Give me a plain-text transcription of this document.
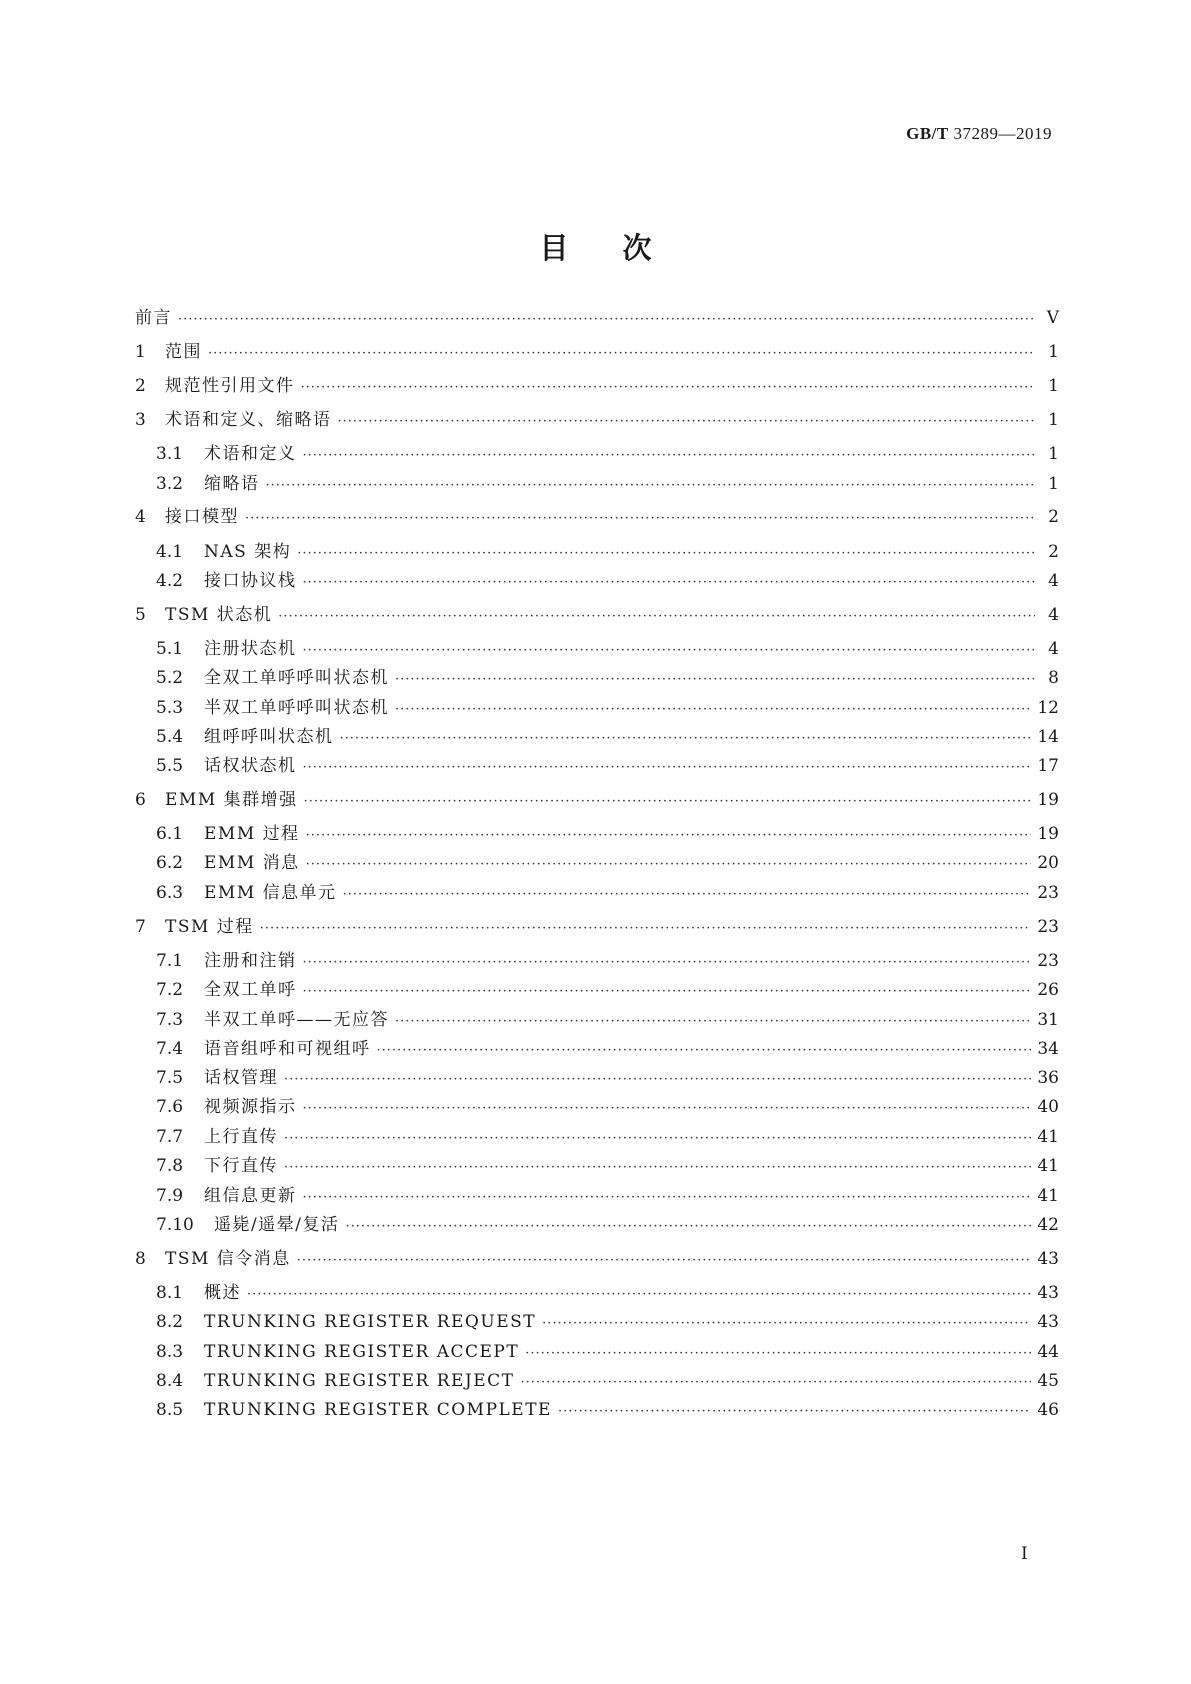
GB/T 37289—2019
目 次
前言 ·····	Ⅴ
1	范围 ·····	1
2	规范性引用文件 ·····	1
3	术语和定义、缩略语 ·····	1
3.1	术语和定义 ·····	1
3.2	缩略语 ·····	1
4	接口模型 ·····	2
4.1	NAS 架构 ·····	2
4.2	接口协议栈 ·····	4
5	TSM 状态机 ·····	4
5.1	注册状态机 ·····	4
5.2	全双工单呼呼叫状态机 ·····	8
5.3	半双工单呼呼叫状态机 ·····	12
5.4	组呼呼叫状态机 ·····	14
5.5	话权状态机 ·····	17
6	EMM 集群增强 ·····	19
6.1	EMM 过程 ·····	19
6.2	EMM 消息 ·····	20
6.3	EMM 信息单元 ·····	23
7	TSM 过程 ·····	23
7.1	注册和注销 ·····	23
7.2	全双工单呼 ·····	26
7.3	半双工单呼——无应答 ·····	31
7.4	语音组呼和可视组呼 ·····	34
7.5	话权管理 ·····	36
7.6	视频源指示 ·····	40
7.7	上行直传 ·····	41
7.8	下行直传 ·····	41
7.9	组信息更新 ·····	41
7.10	遥毙/遥晕/复活 ·····	42
8	TSM 信令消息 ·····	43
8.1	概述 ·····	43
8.2	TRUNKING REGISTER REQUEST ·····	43
8.3	TRUNKING REGISTER ACCEPT ·····	44
8.4	TRUNKING REGISTER REJECT ·····	45
8.5	TRUNKING REGISTER COMPLETE ·····	46
Ⅰ
